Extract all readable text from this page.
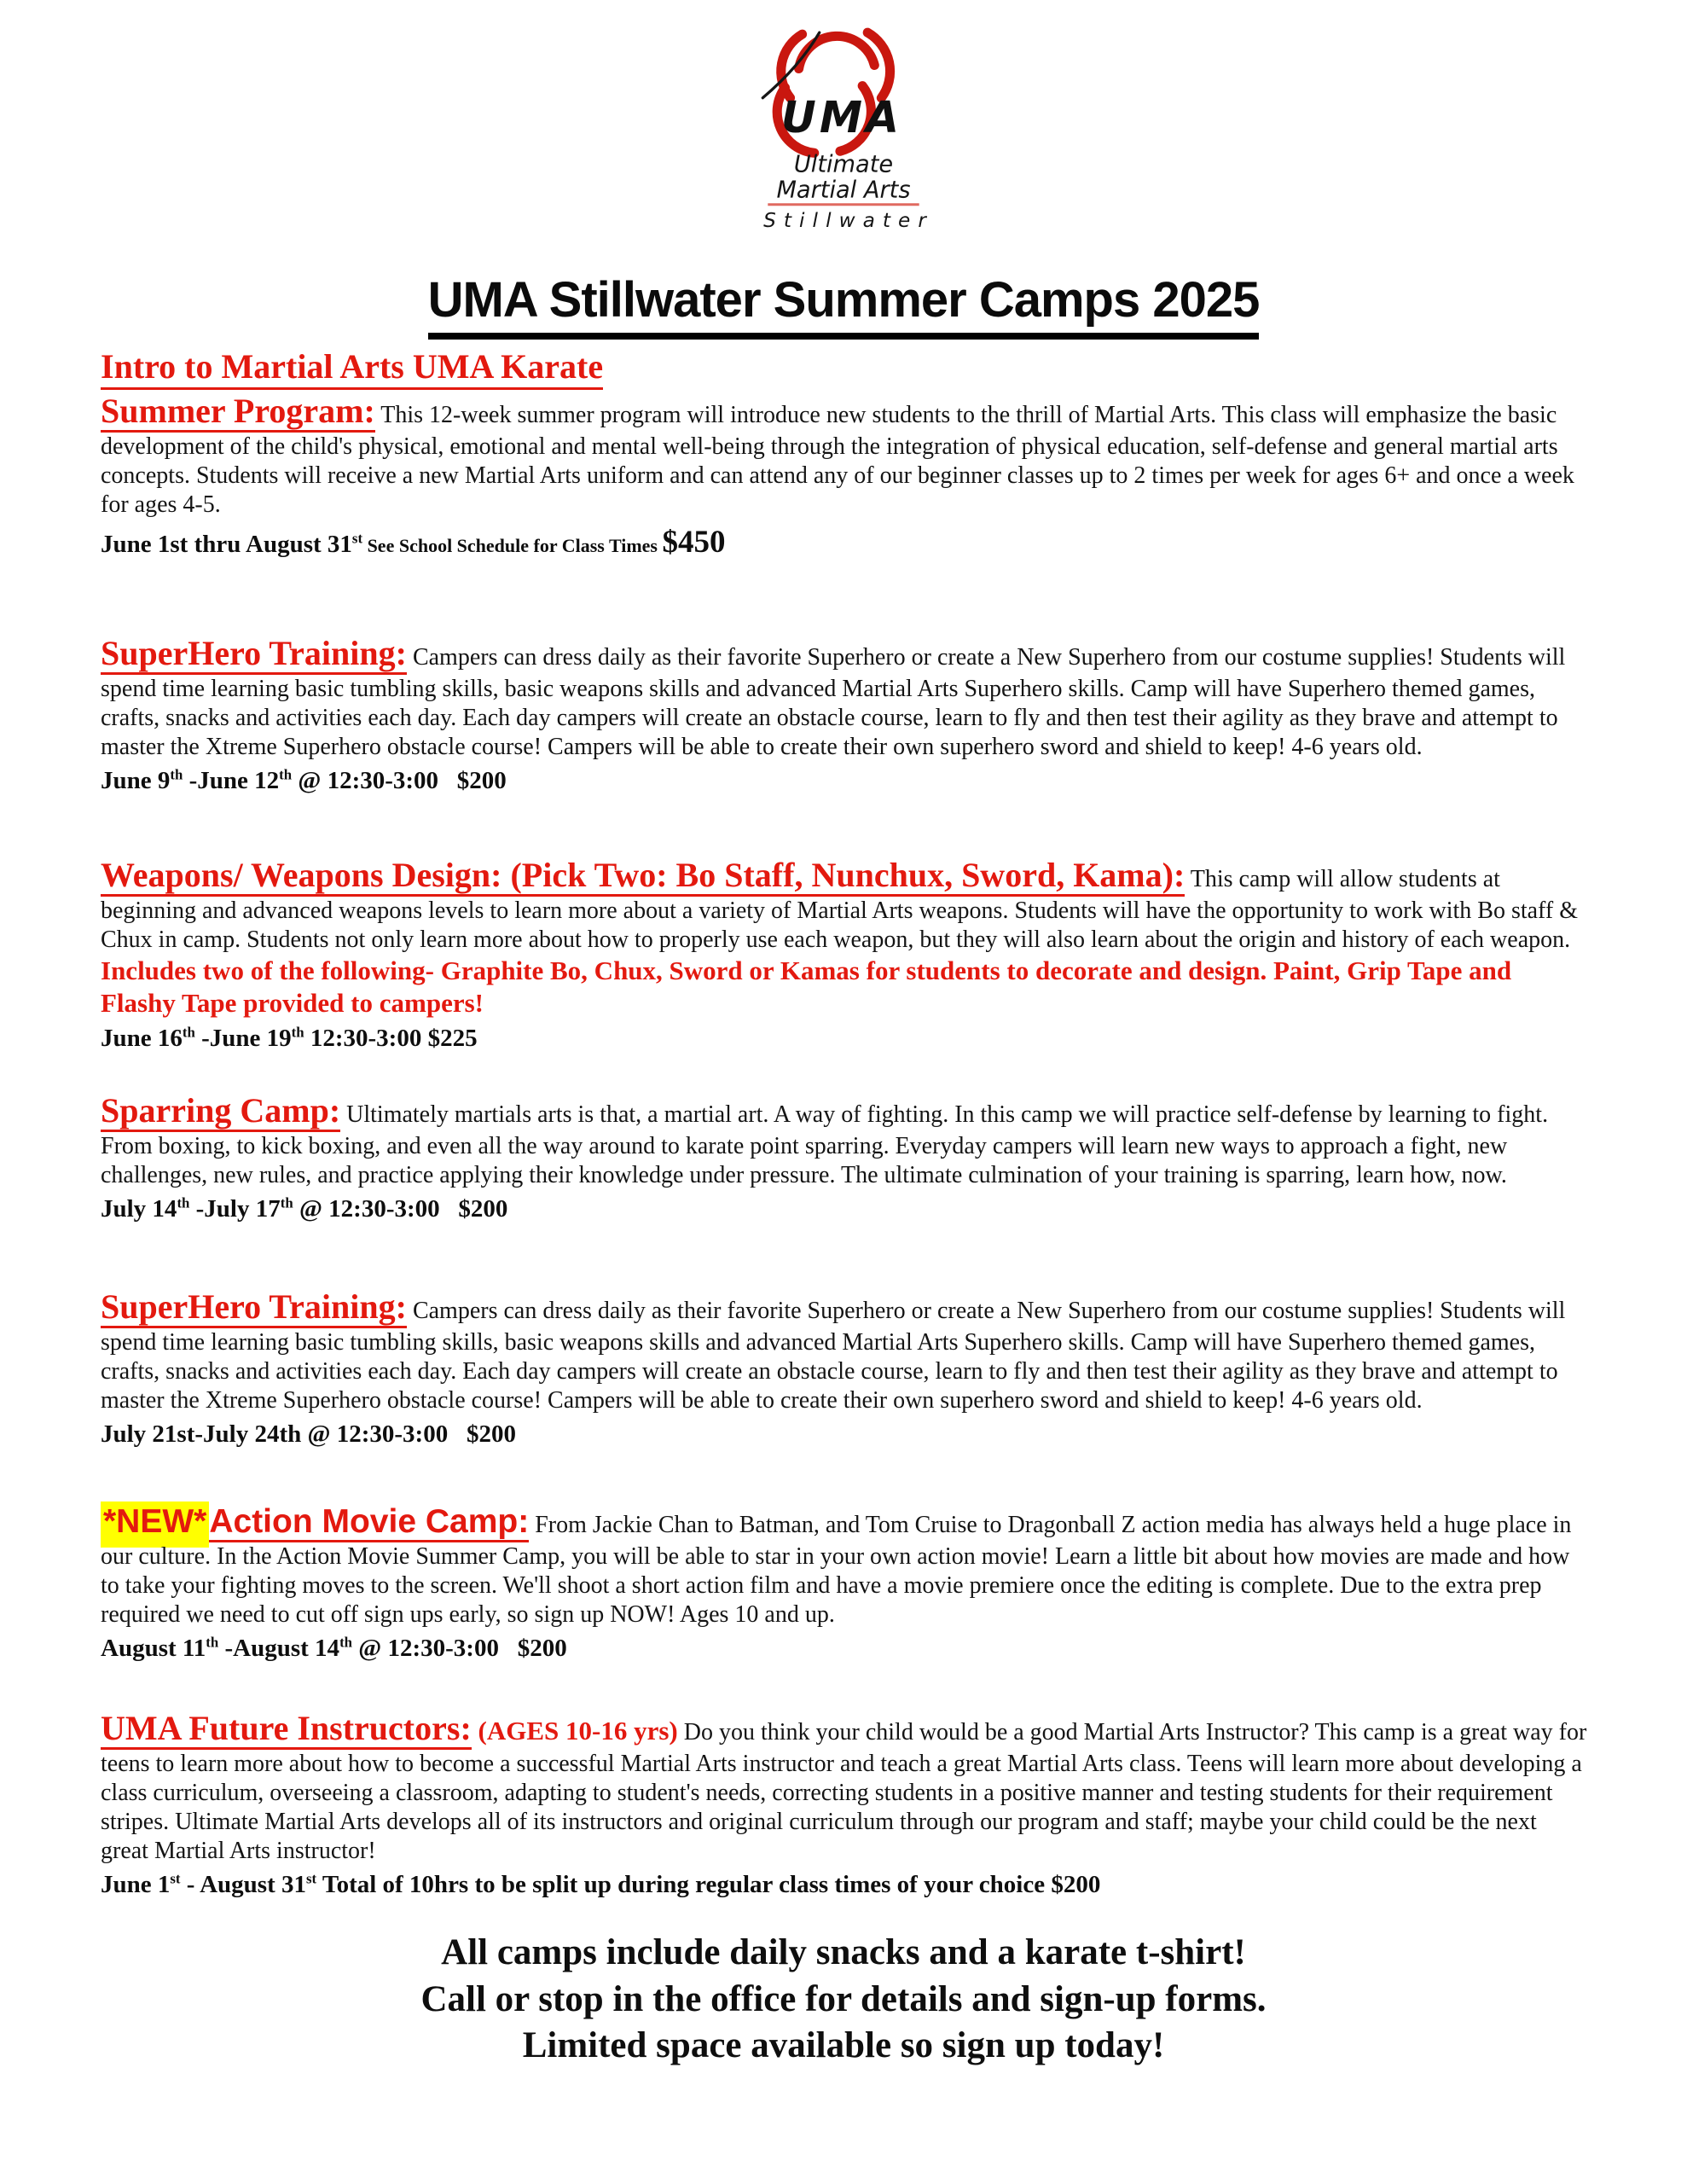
UMA
Ultimate
Martial Arts
Stillwater
UMA Stillwater Summer Camps 2025
Intro to Martial Arts UMA Karate

Summer Program: This 12-week summer program will introduce new students to the thrill of Martial Arts. This class will emphasize the basic development of the child's physical, emotional and mental well-being through the integration of physical education, self-defense and general martial arts concepts. Students will receive a new Martial Arts uniform and can attend any of our beginner classes up to 2 times per week for ages 6+ and once a week for ages 4-5.

June 1st thru August 31st See School Schedule for Class Times $450

SuperHero Training: Campers can dress daily as their favorite Superhero or create a New Superhero from our costume supplies! Students will spend time learning basic tumbling skills, basic weapons skills and advanced Martial Arts Superhero skills. Camp will have Superhero themed games, crafts, snacks and activities each day. Each day campers will create an obstacle course, learn to fly and then test their agility as they brave and attempt to master the Xtreme Superhero obstacle course! Campers will be able to create their own superhero sword and shield to keep! 4-6 years old.

June 9th -June 12th @ 12:30-3:00   $200

Weapons/ Weapons Design: (Pick Two: Bo Staff, Nunchux, Sword, Kama): This camp will allow students at beginning and advanced weapons levels to learn more about a variety of Martial Arts weapons. Students will have the opportunity to work with Bo staff & Chux in camp. Students not only learn more about how to properly use each weapon, but they will also learn about the origin and history of each weapon. Includes two of the following- Graphite Bo, Chux, Sword or Kamas for students to decorate and design. Paint, Grip Tape and Flashy Tape provided to campers!

June 16th -June 19th 12:30-3:00 $225

Sparring Camp: Ultimately martials arts is that, a martial art. A way of fighting. In this camp we will practice self-defense by learning to fight. From boxing, to kick boxing, and even all the way around to karate point sparring. Everyday campers will learn new ways to approach a fight, new challenges, new rules, and practice applying their knowledge under pressure. The ultimate culmination of your training is sparring, learn how, now.

July 14th -July 17th @ 12:30-3:00   $200

SuperHero Training: Campers can dress daily as their favorite Superhero or create a New Superhero from our costume supplies! Students will spend time learning basic tumbling skills, basic weapons skills and advanced Martial Arts Superhero skills. Camp will have Superhero themed games, crafts, snacks and activities each day. Each day campers will create an obstacle course, learn to fly and then test their agility as they brave and attempt to master the Xtreme Superhero obstacle course! Campers will be able to create their own superhero sword and shield to keep! 4-6 years old.

July 21st-July 24th @ 12:30-3:00   $200

*NEW*Action Movie Camp: From Jackie Chan to Batman, and Tom Cruise to Dragonball Z action media has always held a huge place in our culture. In the Action Movie Summer Camp, you will be able to star in your own action movie! Learn a little bit about how movies are made and how to take your fighting moves to the screen. We'll shoot a short action film and have a movie premiere once the editing is complete. Due to the extra prep required we need to cut off sign ups early, so sign up NOW! Ages 10 and up.

August 11th -August 14th @ 12:30-3:00   $200

UMA Future Instructors: (AGES 10-16 yrs) Do you think your child would be a good Martial Arts Instructor? This camp is a great way for teens to learn more about how to become a successful Martial Arts instructor and teach a great Martial Arts class. Teens will learn more about developing a class curriculum, overseeing a classroom, adapting to student's needs, correcting students in a positive manner and testing students for their requirement stripes. Ultimate Martial Arts develops all of its instructors and original curriculum through our program and staff; maybe your child could be the next great Martial Arts instructor!

June 1st - August 31st Total of 10hrs to be split up during regular class times of your choice $200

All camps include daily snacks and a karate t-shirt!
Call or stop in the office for details and sign-up forms.
Limited space available so sign up today!
